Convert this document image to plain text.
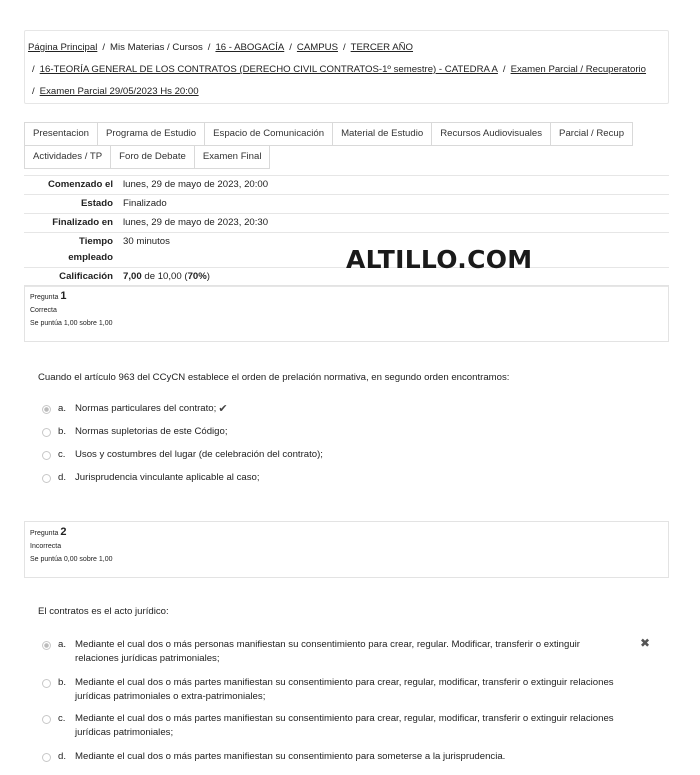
Página Principal / Mis Materias / Cursos / 16 - ABOGACÍA / CAMPUS / TERCER AÑO
/ 16-TEORÍA GENERAL DE LOS CONTRATOS (DERECHO CIVIL CONTRATOS-1º semestre) - CATEDRA A / Examen Parcial / Recuperatorio
/ Examen Parcial 29/05/2023 Hs 20:00
Presentacion	Programa de Estudio	Espacio de Comunicación	Material de Estudio	Recursos Audiovisuales	Parcial / Recup
Actividades / TP	Foro de Debate	Examen Final
Comenzado el	lunes, 29 de mayo de 2023, 20:00
Estado	Finalizado
Finalizado en	lunes, 29 de mayo de 2023, 20:30
Tiempo
empleado	30 minutos
Calificación	7,00 de 10,00 (70%)
ALTILLO.COM
Pregunta 1
Correcta
Se puntúa 1,00 sobre 1,00
Cuando el artículo 963 del CCyCN establece el orden de prelación normativa, en segundo orden encontramos:
a. Normas particulares del contrato; ✔
b. Normas supletorias de este Código;
c. Usos y costumbres del lugar (de celebración del contrato);
d. Jurisprudencia vinculante aplicable al caso;
Pregunta 2
Incorrecta
Se puntúa 0,00 sobre 1,00
El contratos es el acto jurídico:
a. Mediante el cual dos o más personas manifiestan su consentimiento para crear, regular. Modificar, transferir o extinguir
relaciones jurídicas patrimoniales;
b. Mediante el cual dos o más partes manifiestan su consentimiento para crear, regular, modificar, transferir o extinguir relaciones
jurídicas patrimoniales o extra-patrimoniales;
c. Mediante el cual dos o más partes manifiestan su consentimiento para crear, regular, modificar, transferir o extinguir relaciones
jurídicas patrimoniales;
d. Mediante el cual dos o más partes manifiestan su consentimiento para someterse a la jurisprudencia.
✖
